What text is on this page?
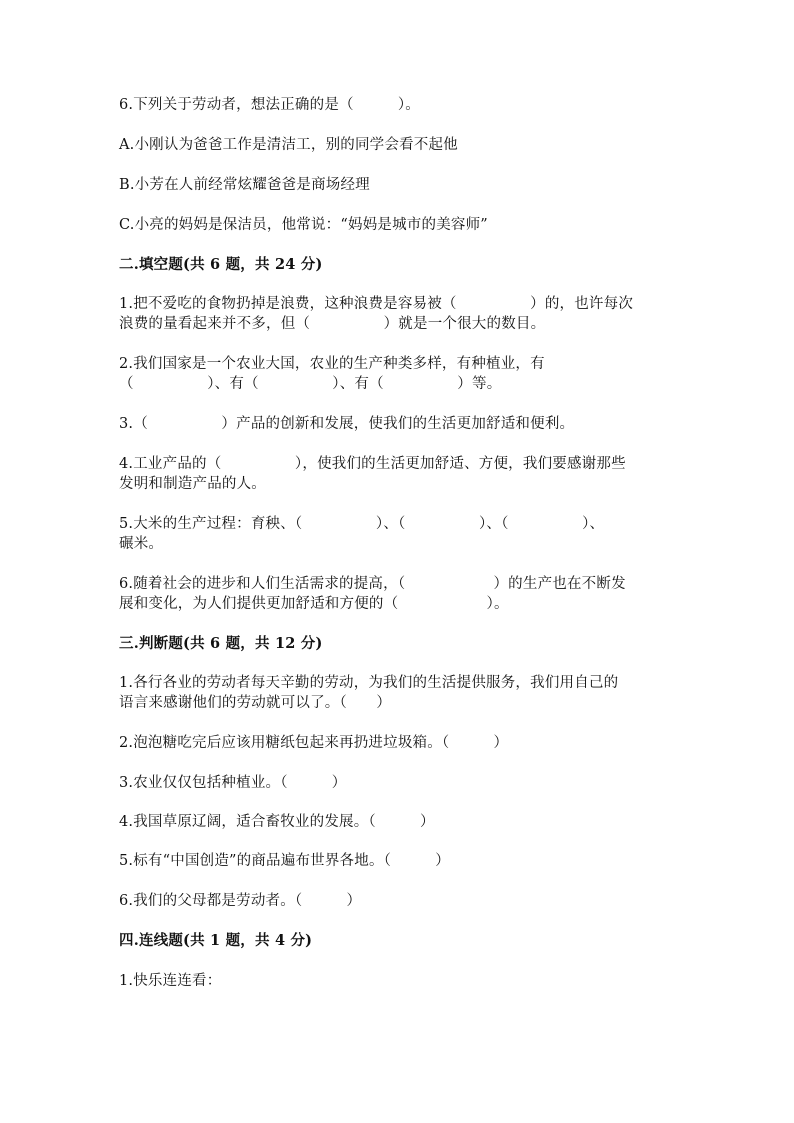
6.下列关于劳动者，想法正确的是（　　　）。
A.小刚认为爸爸工作是清洁工，别的同学会看不起他
B.小芳在人前经常炫耀爸爸是商场经理
C.小亮的妈妈是保洁员，他常说：“妈妈是城市的美容师”
二.填空题(共 6 题，共 24 分)
1.把不爱吃的食物扔掉是浪费，这种浪费是容易被（　　　　　）的，也许每次
浪费的量看起来并不多，但（　　　　　）就是一个很大的数目。
2.我们国家是一个农业大国，农业的生产种类多样，有种植业，有
（　　　　　）、有（　　　　　）、有（　　　　　）等。
3.（　　　　　）产品的创新和发展，使我们的生活更加舒适和便利。
4.工业产品的（　　　　　），使我们的生活更加舒适、方便，我们要感谢那些
发明和制造产品的人。
5.大米的生产过程：育秧、（　　　　　）、（　　　　　）、（　　　　　）、
碾米。
6.随着社会的进步和人们生活需求的提高，（　　　　　　）的生产也在不断发
展和变化，为人们提供更加舒适和方便的（　　　　　　）。
三.判断题(共 6 题，共 12 分)
1.各行各业的劳动者每天辛勤的劳动，为我们的生活提供服务，我们用自己的
语言来感谢他们的劳动就可以了。（　　）
2.泡泡糖吃完后应该用糖纸包起来再扔进垃圾箱。（　　　）
3.农业仅仅包括种植业。（　　　）
4.我国草原辽阔，适合畜牧业的发展。（　　　）
5.标有“中国创造”的商品遍布世界各地。（　　　）
6.我们的父母都是劳动者。（　　　）
四.连线题(共 1 题，共 4 分)
1.快乐连连看：
